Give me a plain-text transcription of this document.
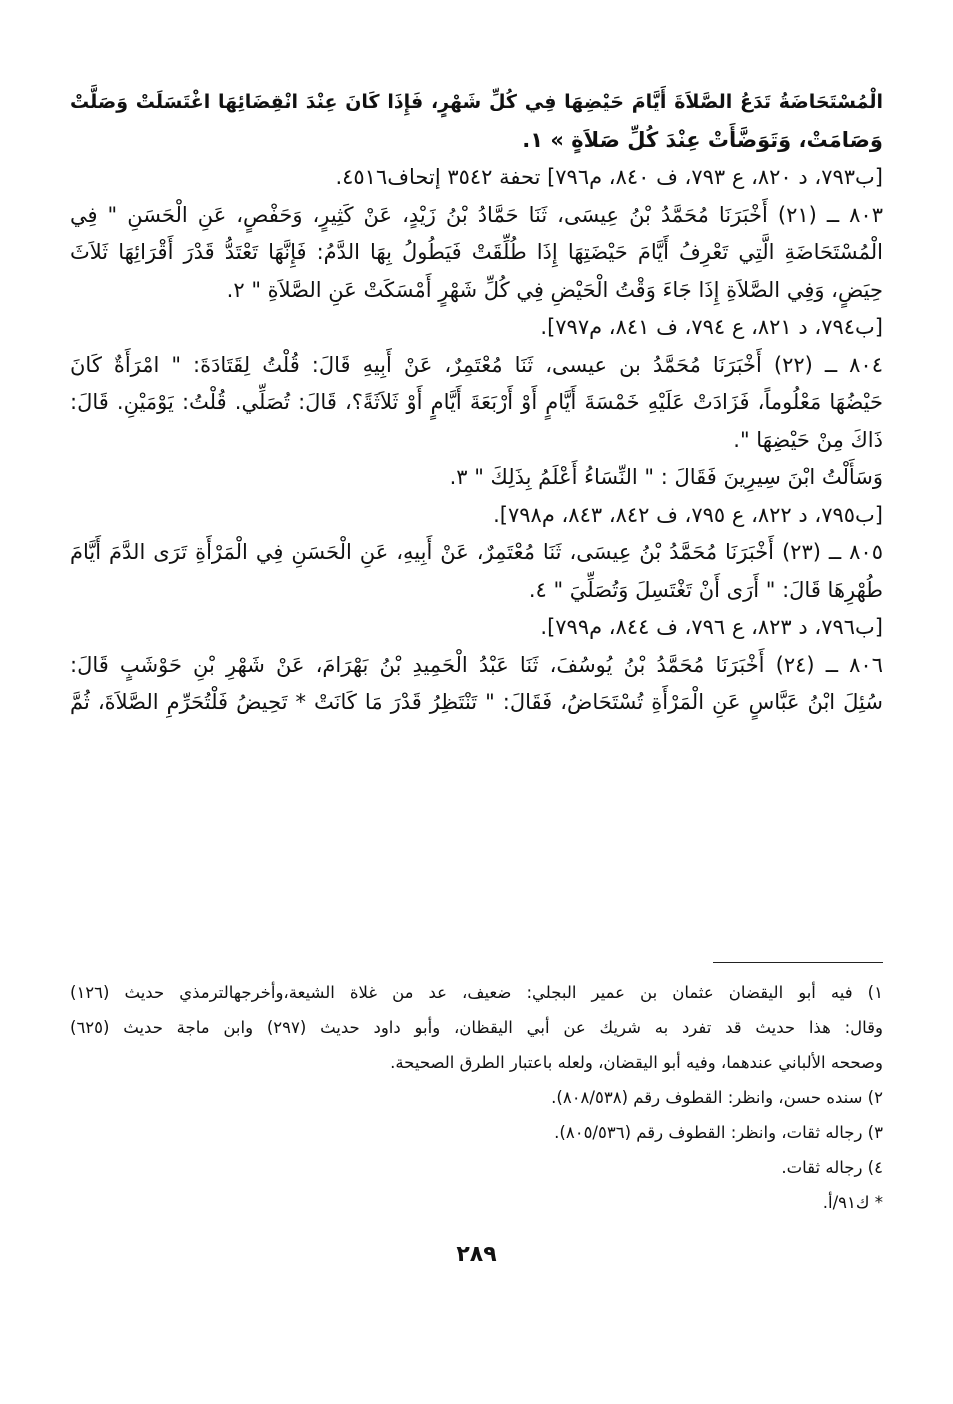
الْمُسْتَحَاضَةُ تَدَعُ الصَّلاَةَ أَيَّامَ حَيْضِهَا فِي كُلِّ شَهْرٍ، فَإِذَا كَانَ عِنْدَ انْقِضَائِهَا اغْتَسَلَتْ وَصَلَّتْ
وَصَامَتْ، وَتَوَضَّأَتْ عِنْدَ كُلِّ صَلاَةٍ » ١.
[ب٧٩٣، د ٨٢٠، ع ٧٩٣، ف ٨٤٠، م٧٩٦] تحفة ٣٥٤٢ إتحاف٤٥١٦.
٨٠٣ ــ (٢١) أَخْبَرَنَا مُحَمَّدُ بْنُ عِيسَى، ثَنَا حَمَّادُ بْنُ زَيْدٍ، عَنْ كَثِيرٍ، وَحَفْصٍ، عَنِ الْحَسَنِ " فِي
الْمُسْتَحَاضَةِ الَّتِي تَعْرِفُ أَيَّامَ حَيْضَتِهَا إِذَا طُلِّقَتْ فَيَطُولُ بِهَا الدَّمُ: فَإِنَّهَا تَعْتَدُّ قَدْرَ أَقْرَائِهَا ثَلاَثَ
حِيَضٍ، وَفِي الصَّلاَةِ إِذَا جَاءَ وَقْتُ الْحَيْضِ فِي كُلِّ شَهْرٍ أَمْسَكَتْ عَنِ الصَّلاَةِ " ٢.
[ب٧٩٤، د ٨٢١، ع ٧٩٤، ف ٨٤١، م٧٩٧].
٨٠٤ ــ (٢٢) أَخْبَرَنَا مُحَمَّدُ بن عيسى، ثَنَا مُعْتَمِرٌ، عَنْ أَبِيهِ قَالَ: قُلْتُ لِقَتَادَةَ: " امْرَأَةٌ كَانَ
حَيْضُهَا مَعْلُوماً، فَزَادَتْ عَلَيْهِ خَمْسَةَ أَيَّامٍ أَوْ أَرْبَعَةَ أَيَّامٍ أَوْ ثَلاَثَةً؟، قَالَ: تُصَلِّي. قُلْتُ: يَوْمَيْنِ. قَالَ:
ذَاكَ مِنْ حَيْضِهَا ".
وَسَأَلْتُ ابْنَ سِيرِينَ فَقَالَ : " النِّسَاءُ أَعْلَمُ بِذَلِكَ " ٣.
[ب٧٩٥، د ٨٢٢، ع ٧٩٥، ف ٨٤٢، ٨٤٣، م٧٩٨].
٨٠٥ ــ (٢٣) أَخْبَرَنَا مُحَمَّدُ بْنُ عِيسَى، ثَنَا مُعْتَمِرٌ، عَنْ أَبِيهِ، عَنِ الْحَسَنِ فِي الْمَرْأَةِ تَرَى الدَّمَ أَيَّامَ
طُهْرِهَا قَالَ: " أَرَى أَنْ تَغْتَسِلَ وَتُصَلِّيَ " ٤.
[ب٧٩٦، د ٨٢٣، ع ٧٩٦، ف ٨٤٤، م٧٩٩].
٨٠٦ ــ (٢٤) أَخْبَرَنَا مُحَمَّدُ بْنُ يُوسُفَ، ثَنَا عَبْدُ الْحَمِيدِ بْنُ بَهْرَامَ، عَنْ شَهْرِ بْنِ حَوْشَبٍ قَالَ:
سُئِلَ ابْنُ عَبَّاسٍ عَنِ الْمَرْأَةِ تُسْتَحَاضُ، فَقَالَ: " تَنْتَظِرُ قَدْرَ مَا كَانَتْ * تَحِيضُ فَلْتُحَرِّمِ الصَّلاَةَ، ثُمَّ
١) فيه أبو اليقضان عثمان بن عمير البجلي: ضعيف، عد من غلاة الشيعة،وأخرجهالترمذي حديث (١٢٦)
وقال: هذا حديث قد تفرد به شريك عن أبي اليقظان، وأبو داود حديث (٢٩٧) وابن ماجة حديث (٦٢٥)
وصححه الألباني عندهما، وفيه أبو اليقضان، ولعله باعتبار الطرق الصحيحة.
٢) سنده حسن، وانظر: القطوف رقم (٨٠٨/٥٣٨).
٣) رجاله ثقات، وانظر: القطوف رقم (٨٠٥/٥٣٦).
٤) رجاله ثقات.
* ك٩١/أ.
٢٨٩
